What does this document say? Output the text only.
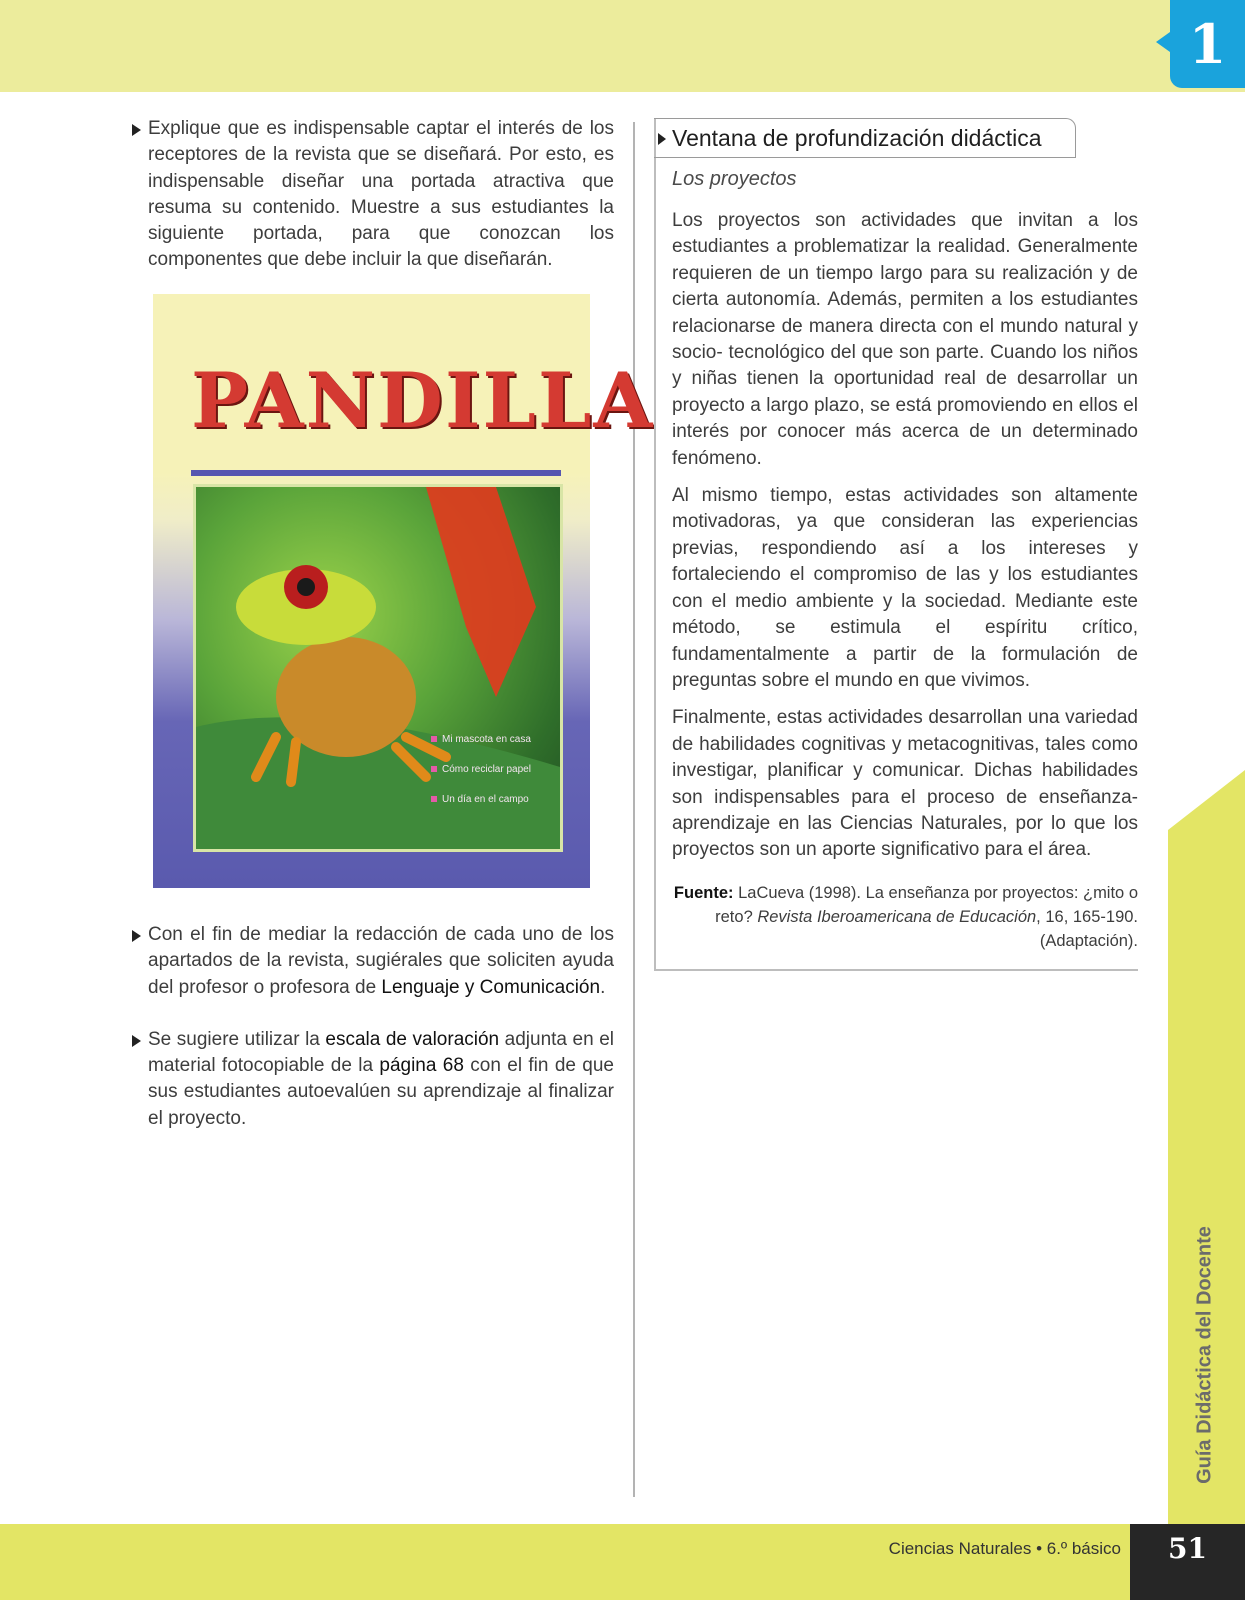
1
Guía Didáctica del Docente
Ciencias Naturales • 6.º básico	51
Explique que es indispensable captar el interés de los receptores de la revista que se diseñará. Por esto, es indispensable diseñar una portada atractiva que resuma su contenido. Muestre a sus estudiantes la siguiente portada, para que conozcan los componentes que debe incluir la que diseñarán.
PANDILLA
Mi mascota en casa
Cómo reciclar papel
Un día en el campo
Con el fin de mediar la redacción de cada uno de los apartados de la revista, sugiérales que soliciten ayuda del profesor o profesora de Lenguaje y Comunicación.
Se sugiere utilizar la escala de valoración adjunta en el material fotocopiable de la página 68 con el fin de que sus estudiantes autoevalúen su aprendizaje al finalizar el proyecto.
Ventana de profundización didáctica
Los proyectos

Los proyectos son actividades que invitan a los estudiantes a problematizar la realidad. Generalmente requieren de un tiempo largo para su realización y de cierta autonomía. Además, permiten a los estudiantes relacionarse de manera directa con el mundo natural y socio- tecnológico del que son parte. Cuando los niños y niñas tienen la oportunidad real de desarrollar un proyecto a largo plazo, se está promoviendo en ellos el interés por conocer más acerca de un determinado fenómeno.

Al mismo tiempo, estas actividades son altamente motivadoras, ya que consideran las experiencias previas, respondiendo así a los intereses y fortaleciendo el compromiso de las y los estudiantes con el medio ambiente y la sociedad. Mediante este método, se estimula el espíritu crítico, fundamentalmente a partir de la formulación de preguntas sobre el mundo en que vivimos.

Finalmente, estas actividades desarrollan una variedad de habilidades cognitivas y metacognitivas, tales como investigar, planificar y comunicar. Dichas habilidades son indispensables para el proceso de enseñanza-aprendizaje en las Ciencias Naturales, por lo que los proyectos son un aporte significativo para el área.

Fuente: LaCueva (1998). La enseñanza por proyectos: ¿mito o reto? Revista Iberoamericana de Educación, 16, 165-190. (Adaptación).
